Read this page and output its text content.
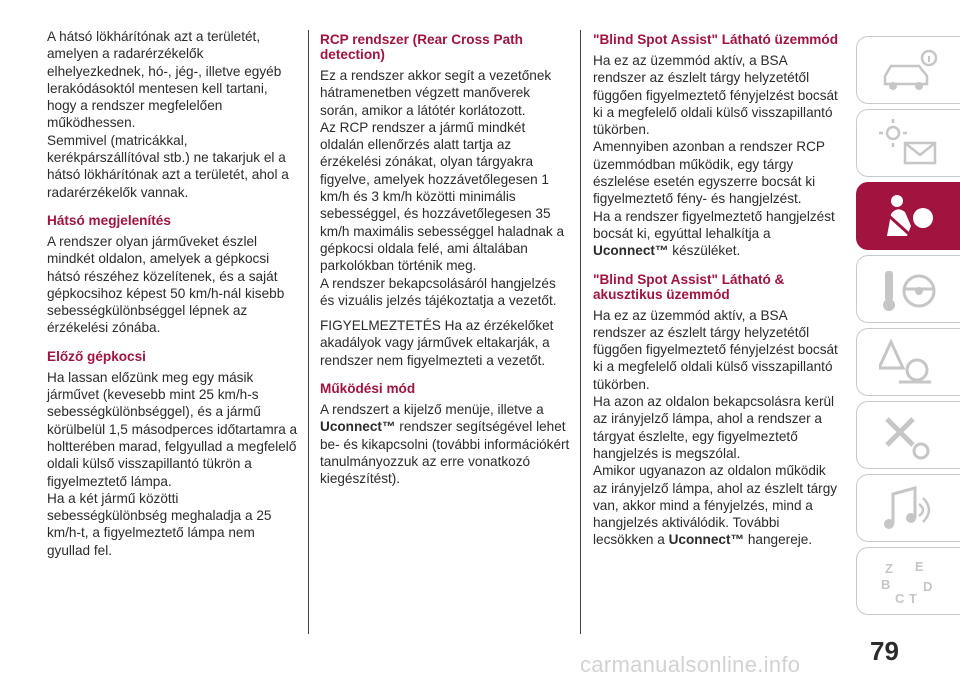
A hátsó lökhárítónak azt a területét, amelyen a radarérzékelők elhelyezkednek, hó-, jég-, illetve egyéb lerakódásoktól mentesen kell tartani, hogy a rendszer megfelelően működhessen.

Semmivel (matricákkal, kerékpárszállítóval stb.) ne takarjuk el a hátsó lökhárítónak azt a területét, ahol a radarérzékelők vannak.

Hátsó megjelenítés

A rendszer olyan járműveket észlel mindkét oldalon, amelyek a gépkocsi hátsó részéhez közelítenek, és a saját gépkocsihoz képest 50 km/h-nál kisebb sebességkülönbséggel lépnek az érzékelési zónába.

Előző gépkocsi

Ha lassan előzünk meg egy másik járművet (kevesebb mint 25 km/h-s sebességkülönbséggel), és a jármű körülbelül 1,5 másodperces időtartamra a holtterében marad, felgyullad a megfelelő oldali külső visszapillantó tükrön a figyelmeztető lámpa.

Ha a két jármű közötti sebességkülönbség meghaladja a 25 km/h-t, a figyelmeztető lámpa nem gyullad fel.

RCP rendszer (Rear Cross Path detection)

Ez a rendszer akkor segít a vezetőnek hátramenetben végzett manőverek során, amikor a látótér korlátozott.

Az RCP rendszer a jármű mindkét oldalán ellenőrzés alatt tartja az érzékelési zónákat, olyan tárgyakra figyelve, amelyek hozzávetőlegesen 1 km/h és 3 km/h közötti minimális sebességgel, és hozzávetőlegesen 35 km/h maximális sebességgel haladnak a gépkocsi oldala felé, ami általában parkolókban történik meg.

A rendszer bekapcsolásáról hangjelzés és vizuális jelzés tájékoztatja a vezetőt.

FIGYELMEZTETÉS Ha az érzékelőket akadályok vagy járművek eltakarják, a rendszer nem figyelmezteti a vezetőt.

Működési mód

A rendszert a kijelző menüje, illetve a Uconnect™ rendszer segítségével lehet be- és kikapcsolni (további információkért tanulmányozzuk az erre vonatkozó kiegészítést).

"Blind Spot Assist" Látható üzemmód

Ha ez az üzemmód aktív, a BSA rendszer az észlelt tárgy helyzetétől függően figyelmeztető fényjelzést bocsát ki a megfelelő oldali külső visszapillantó tükörben.

Amennyiben azonban a rendszer RCP üzemmódban működik, egy tárgy észlelése esetén egyszerre bocsát ki figyelmeztető fény- és hangjelzést.

Ha a rendszer figyelmeztető hangjelzést bocsát ki, egyúttal lehalkítja a Uconnect™ készüléket.

"Blind Spot Assist" Látható & akusztikus üzemmód

Ha ez az üzemmód aktív, a BSA rendszer az észlelt tárgy helyzetétől függően figyelmeztető fényjelzést bocsát ki a megfelelő oldali külső visszapillantó tükörben.

Ha azon az oldalon bekapcsolásra kerül az irányjelző lámpa, ahol a rendszer a tárgyat észlelte, egy figyelmeztető hangjelzés is megszólal.

Amikor ugyanazon az oldalon működik az irányjelző lámpa, ahol az észlelt tárgy van, akkor mind a fényjelzés, mind a hangjelzés aktiválódik. További lecsökken a Uconnect™ hangereje.

Z E
B
C T
D
79
carmanualsonline.info
